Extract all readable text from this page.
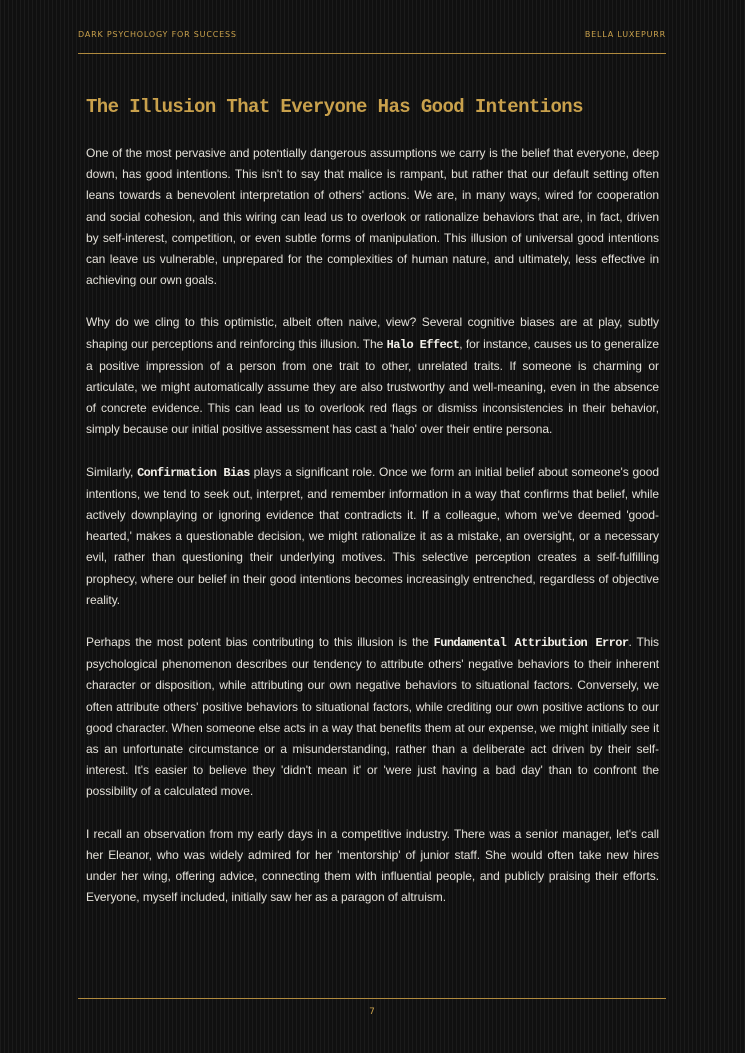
DARK PSYCHOLOGY FOR SUCCESS	BELLA LUXEPURR
The Illusion That Everyone Has Good Intentions

One of the most pervasive and potentially dangerous assumptions we carry is the belief that everyone, deep down, has good intentions. This isn't to say that malice is rampant, but rather that our default setting often leans towards a benevolent interpretation of others' actions. We are, in many ways, wired for cooperation and social cohesion, and this wiring can lead us to overlook or rationalize behaviors that are, in fact, driven by self-interest, competition, or even subtle forms of manipulation. This illusion of universal good intentions can leave us vulnerable, unprepared for the complexities of human nature, and ultimately, less effective in achieving our own goals.

Why do we cling to this optimistic, albeit often naive, view? Several cognitive biases are at play, subtly shaping our perceptions and reinforcing this illusion. The Halo Effect, for instance, causes us to generalize a positive impression of a person from one trait to other, unrelated traits. If someone is charming or articulate, we might automatically assume they are also trustworthy and well-meaning, even in the absence of concrete evidence. This can lead us to overlook red flags or dismiss inconsistencies in their behavior, simply because our initial positive assessment has cast a 'halo' over their entire persona.

Similarly, Confirmation Bias plays a significant role. Once we form an initial belief about someone's good intentions, we tend to seek out, interpret, and remember information in a way that confirms that belief, while actively downplaying or ignoring evidence that contradicts it. If a colleague, whom we've deemed 'good-hearted,' makes a questionable decision, we might rationalize it as a mistake, an oversight, or a necessary evil, rather than questioning their underlying motives. This selective perception creates a self-fulfilling prophecy, where our belief in their good intentions becomes increasingly entrenched, regardless of objective reality.

Perhaps the most potent bias contributing to this illusion is the Fundamental Attribution Error. This psychological phenomenon describes our tendency to attribute others' negative behaviors to their inherent character or disposition, while attributing our own negative behaviors to situational factors. Conversely, we often attribute others' positive behaviors to situational factors, while crediting our own positive actions to our good character. When someone else acts in a way that benefits them at our expense, we might initially see it as an unfortunate circumstance or a misunderstanding, rather than a deliberate act driven by their self-interest. It's easier to believe they 'didn't mean it' or 'were just having a bad day' than to confront the possibility of a calculated move.

I recall an observation from my early days in a competitive industry. There was a senior manager, let's call her Eleanor, who was widely admired for her 'mentorship' of junior staff. She would often take new hires under her wing, offering advice, connecting them with influential people, and publicly praising their efforts. Everyone, myself included, initially saw her as a paragon of altruism.

7
